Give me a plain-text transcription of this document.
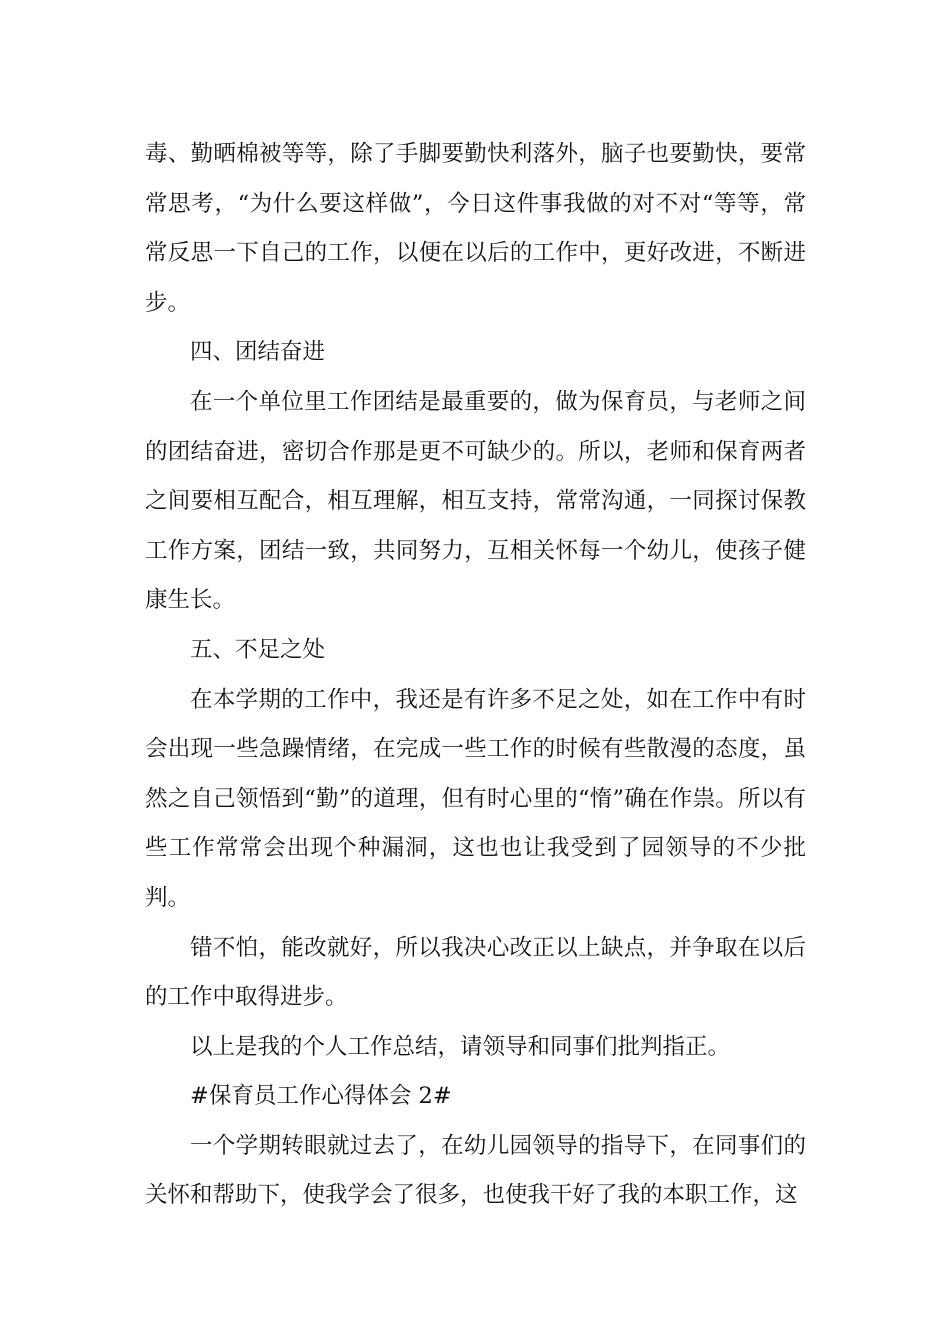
毒、勤晒棉被等等，除了手脚要勤快利落外，脑子也要勤快，要常常思考，“为什么要这样做”，今日这件事我做的对不对“等等，常常反思一下自己的工作，以便在以后的工作中，更好改进，不断进步。

四、团结奋进

在一个单位里工作团结是最重要的，做为保育员，与老师之间的团结奋进，密切合作那是更不可缺少的。所以，老师和保育两者之间要相互配合，相互理解，相互支持，常常沟通，一同探讨保教工作方案，团结一致，共同努力，互相关怀每一个幼儿，使孩子健康生长。

五、不足之处

在本学期的工作中，我还是有许多不足之处，如在工作中有时会出现一些急躁情绪，在完成一些工作的时候有些散漫的态度，虽然之自己领悟到“勤”的道理，但有时心里的“惰”确在作祟。所以有些工作常常会出现个种漏洞，这也也让我受到了园领导的不少批判。

错不怕，能改就好，所以我决心改正以上缺点，并争取在以后的工作中取得进步。

以上是我的个人工作总结，请领导和同事们批判指正。

#保育员工作心得体会 2#

一个学期转眼就过去了，在幼儿园领导的指导下，在同事们的关怀和帮助下，使我学会了很多，也使我干好了我的本职工作，这
